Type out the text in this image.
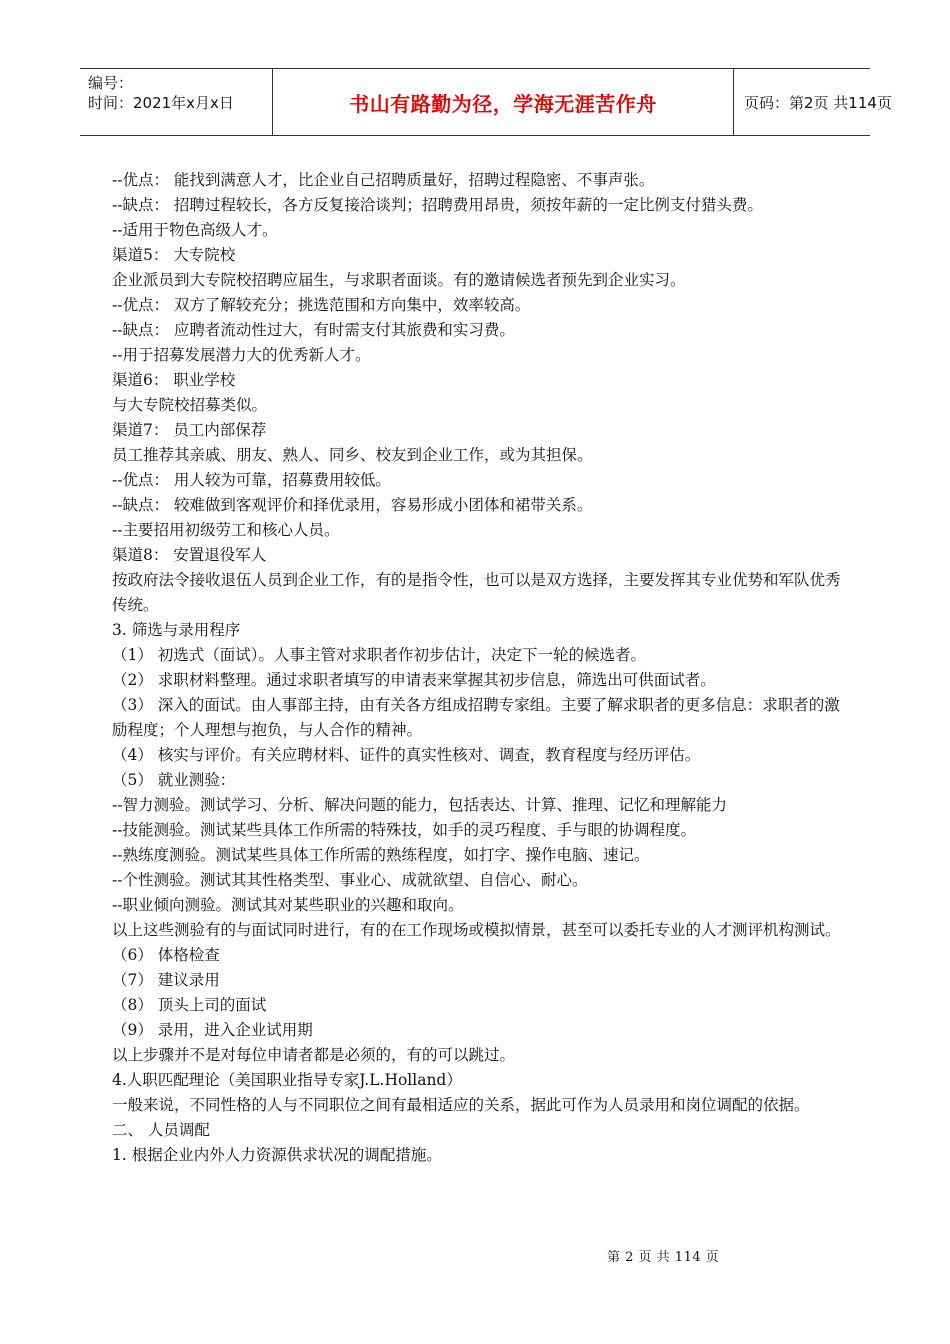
编号：
时间：2021年x月x日	书山有路勤为径，学海无涯苦作舟	页码：第2页 共114页

--优点： 能找到满意人才，比企业自己招聘质量好，招聘过程隐密、不事声张。

--缺点： 招聘过程较长，各方反复接洽谈判；招聘费用昂贵，须按年薪的一定比例支付猎头费。

--适用于物色高级人才。

渠道5： 大专院校

企业派员到大专院校招聘应届生，与求职者面谈。有的邀请候选者预先到企业实习。

--优点： 双方了解较充分；挑选范围和方向集中，效率较高。

--缺点： 应聘者流动性过大，有时需支付其旅费和实习费。

--用于招募发展潜力大的优秀新人才。

渠道6： 职业学校

与大专院校招募类似。

渠道7： 员工内部保荐

员工推荐其亲戚、朋友、熟人、同乡、校友到企业工作，或为其担保。

--优点： 用人较为可靠，招募费用较低。

--缺点： 较难做到客观评价和择优录用，容易形成小团体和裙带关系。

--主要招用初级劳工和核心人员。

渠道8： 安置退役军人

按政府法令接收退伍人员到企业工作，有的是指令性，也可以是双方选择，主要发挥其专业优势和军队优秀传统。

3. 筛选与录用程序

（1） 初选式（面试）。人事主管对求职者作初步估计，决定下一轮的候选者。

（2） 求职材料整理。通过求职者填写的申请表来掌握其初步信息，筛选出可供面试者。

（3） 深入的面试。由人事部主持，由有关各方组成招聘专家组。主要了解求职者的更多信息：求职者的激励程度；个人理想与抱负，与人合作的精神。

（4） 核实与评价。有关应聘材料、证件的真实性核对、调查，教育程度与经历评估。

（5） 就业测验：

--智力测验。测试学习、分析、解决问题的能力，包括表达、计算、推理、记忆和理解能力

--技能测验。测试某些具体工作所需的特殊技，如手的灵巧程度、手与眼的协调程度。

--熟练度测验。测试某些具体工作所需的熟练程度，如打字、操作电脑、速记。

--个性测验。测试其其性格类型、事业心、成就欲望、自信心、耐心。

--职业倾向测验。测试其对某些职业的兴趣和取向。

以上这些测验有的与面试同时进行，有的在工作现场或模拟情景，甚至可以委托专业的人才测评机构测试。

（6） 体格检查

（7） 建议录用

（8） 顶头上司的面试

（9） 录用，进入企业试用期

以上步骤并不是对每位申请者都是必须的，有的可以跳过。

4.人职匹配理论（美国职业指导专家J.L.Holland）

一般来说，不同性格的人与不同职位之间有最相适应的关系，据此可作为人员录用和岗位调配的依据。

二、 人员调配

1. 根据企业内外人力资源供求状况的调配措施。

第 2 页 共 114 页
